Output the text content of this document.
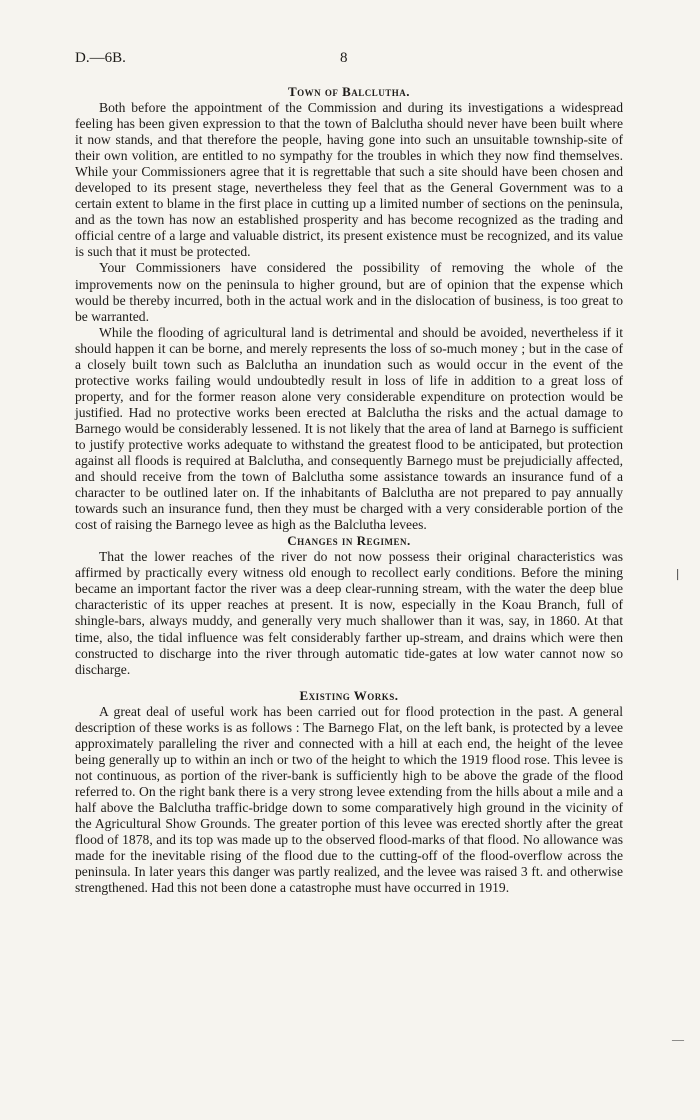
D.—6B.	8
Town of Balclutha.

Both before the appointment of the Commission and during its investigations a widespread feeling has been given expression to that the town of Balclutha should never have been built where it now stands, and that therefore the people, having gone into such an unsuitable township-site of their own volition, are entitled to no sympathy for the troubles in which they now find themselves. While your Commissioners agree that it is regrettable that such a site should have been chosen and developed to its present stage, nevertheless they feel that as the General Government was to a certain extent to blame in the first place in cutting up a limited number of sections on the peninsula, and as the town has now an established prosperity and has become recognized as the trading and official centre of a large and valuable district, its present existence must be recognized, and its value is such that it must be protected.

Your Commissioners have considered the possibility of removing the whole of the improvements now on the peninsula to higher ground, but are of opinion that the expense which would be thereby incurred, both in the actual work and in the dislocation of business, is too great to be warranted.

While the flooding of agricultural land is detrimental and should be avoided, nevertheless if it should happen it can be borne, and merely represents the loss of so-much money ; but in the case of a closely built town such as Balclutha an inundation such as would occur in the event of the protective works failing would undoubtedly result in loss of life in addition to a great loss of property, and for the former reason alone very considerable expenditure on protection would be justified. Had no protective works been erected at Balclutha the risks and the actual damage to Barnego would be considerably lessened. It is not likely that the area of land at Barnego is sufficient to justify protective works adequate to withstand the greatest flood to be anticipated, but protection against all floods is required at Balclutha, and consequently Barnego must be prejudicially affected, and should receive from the town of Balclutha some assistance towards an insurance fund of a character to be outlined later on. If the inhabitants of Balclutha are not prepared to pay annually towards such an insurance fund, then they must be charged with a very considerable portion of the cost of raising the Barnego levee as high as the Balclutha levees.

Changes in Regimen.

That the lower reaches of the river do not now possess their original characteristics was affirmed by practically every witness old enough to recollect early conditions. Before the mining became an important factor the river was a deep clear-running stream, with the water the deep blue characteristic of its upper reaches at present. It is now, especially in the Koau Branch, full of shingle-bars, always muddy, and generally very much shallower than it was, say, in 1860. At that time, also, the tidal influence was felt considerably farther up-stream, and drains which were then constructed to discharge into the river through automatic tide-gates at low water cannot now so discharge.

Existing Works.

A great deal of useful work has been carried out for flood protection in the past. A general description of these works is as follows : The Barnego Flat, on the left bank, is protected by a levee approximately paralleling the river and connected with a hill at each end, the height of the levee being generally up to within an inch or two of the height to which the 1919 flood rose. This levee is not continuous, as portion of the river-bank is sufficiently high to be above the grade of the flood referred to. On the right bank there is a very strong levee extending from the hills about a mile and a half above the Balclutha traffic-bridge down to some comparatively high ground in the vicinity of the Agricultural Show Grounds. The greater portion of this levee was erected shortly after the great flood of 1878, and its top was made up to the observed flood-marks of that flood. No allowance was made for the inevitable rising of the flood due to the cutting-off of the flood-overflow across the peninsula. In later years this danger was partly realized, and the levee was raised 3 ft. and otherwise strengthened. Had this not been done a catastrophe must have occurred in 1919.

∣
—
